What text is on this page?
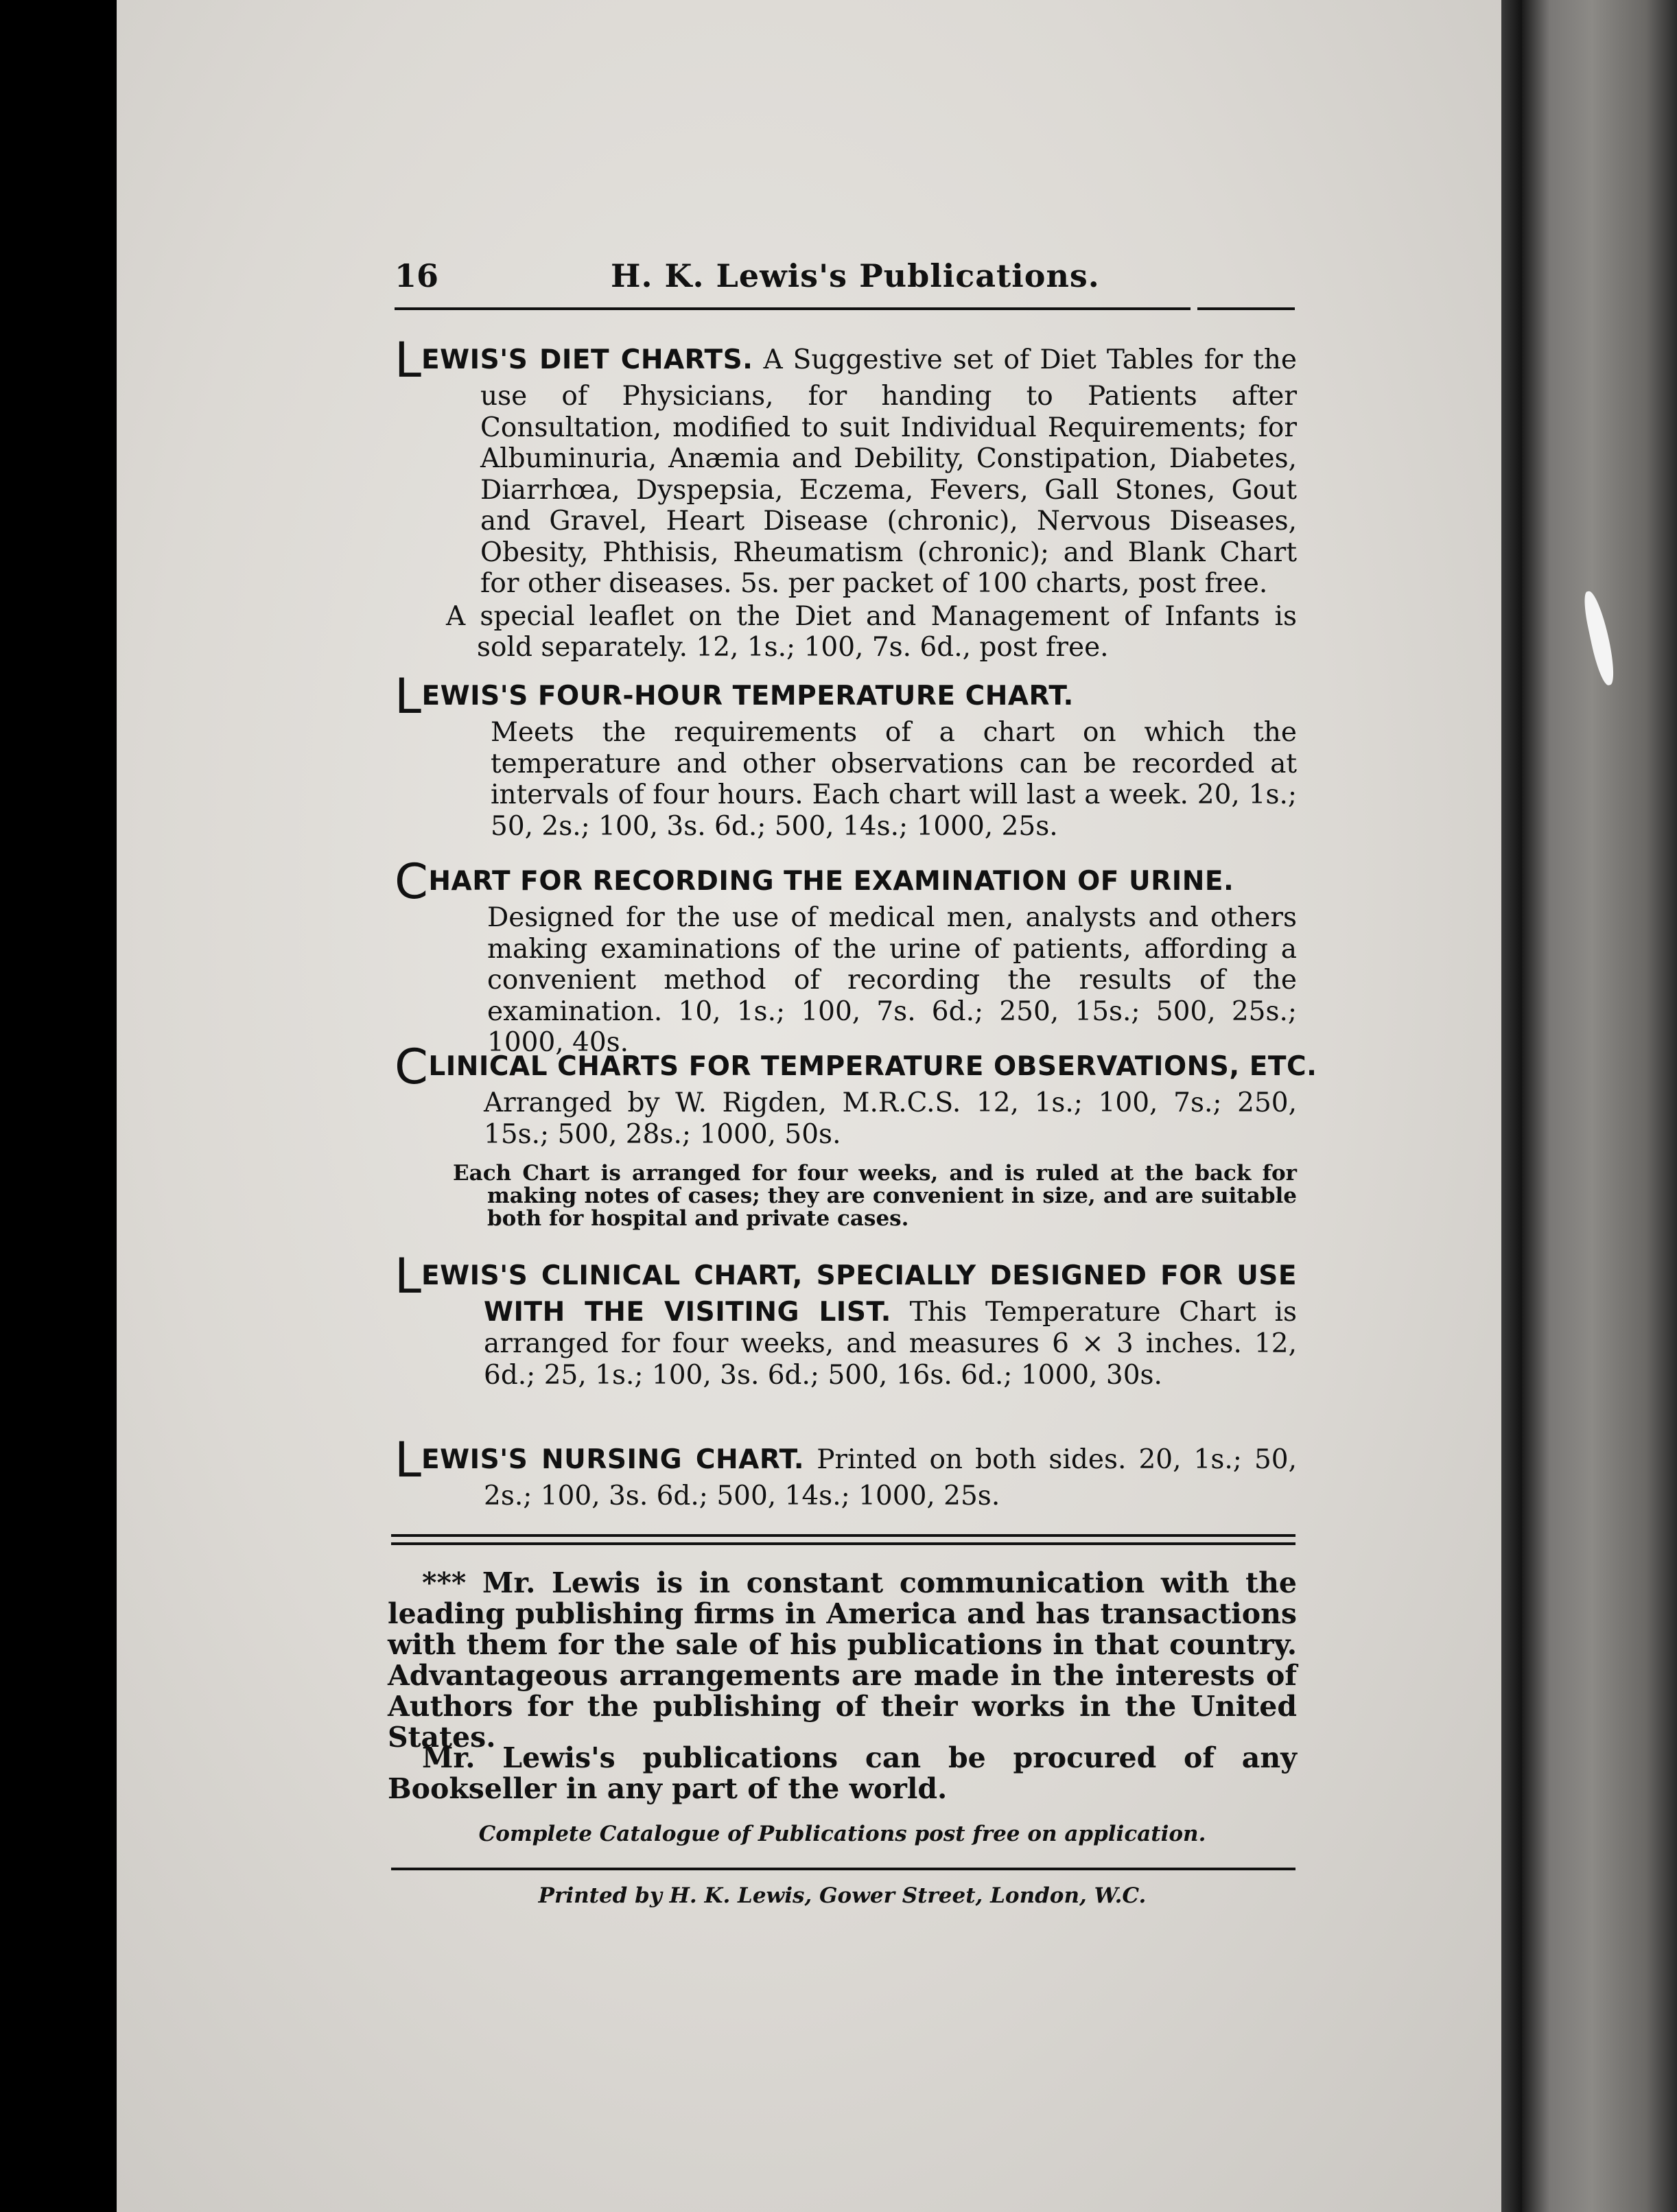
16	H. K. Lewis's Publications.
LEWIS'S DIET CHARTS. A Suggestive set of Diet Tables for the use of Physicians, for handing to Patients after Consultation, modified to suit Individual Requirements; for Albuminuria, Anæmia and Debility, Constipation, Diabetes, Diarrhœa, Dyspepsia, Eczema, Fevers, Gall Stones, Gout and Gravel, Heart Disease (chronic), Nervous Diseases, Obesity, Phthisis, Rheumatism (chronic); and Blank Chart for other diseases. 5s. per packet of 100 charts, post free.
A special leaflet on the Diet and Management of Infants is sold separately. 12, 1s.; 100, 7s. 6d., post free.
LEWIS'S FOUR-HOUR TEMPERATURE CHART.
Meets the requirements of a chart on which the temperature and other observations can be recorded at intervals of four hours. Each chart will last a week. 20, 1s.; 50, 2s.; 100, 3s. 6d.; 500, 14s.; 1000, 25s.
CHART FOR RECORDING THE EXAMINATION OF URINE.
Designed for the use of medical men, analysts and others making examinations of the urine of patients, affording a convenient method of recording the results of the examination. 10, 1s.; 100, 7s. 6d.; 250, 15s.; 500, 25s.; 1000, 40s.
CLINICAL CHARTS FOR TEMPERATURE OBSERVATIONS, ETC.
Arranged by W. Rigden, M.R.C.S. 12, 1s.; 100, 7s.; 250, 15s.; 500, 28s.; 1000, 50s.
Each Chart is arranged for four weeks, and is ruled at the back for making notes of cases; they are convenient in size, and are suitable both for hospital and private cases.
LEWIS'S CLINICAL CHART, SPECIALLY DESIGNED FOR USE WITH THE VISITING LIST. This Temperature Chart is arranged for four weeks, and measures 6 × 3 inches. 12, 6d.; 25, 1s.; 100, 3s. 6d.; 500, 16s. 6d.; 1000, 30s.
LEWIS'S NURSING CHART. Printed on both sides. 20, 1s.; 50, 2s.; 100, 3s. 6d.; 500, 14s.; 1000, 25s.
*** Mr. Lewis is in constant communication with the leading publishing firms in America and has transactions with them for the sale of his publications in that country. Advantageous arrangements are made in the interests of Authors for the publishing of their works in the United States.
Mr. Lewis's publications can be procured of any Bookseller in any part of the world.
Complete Catalogue of Publications post free on application.
Printed by H. K. Lewis, Gower Street, London, W.C.
